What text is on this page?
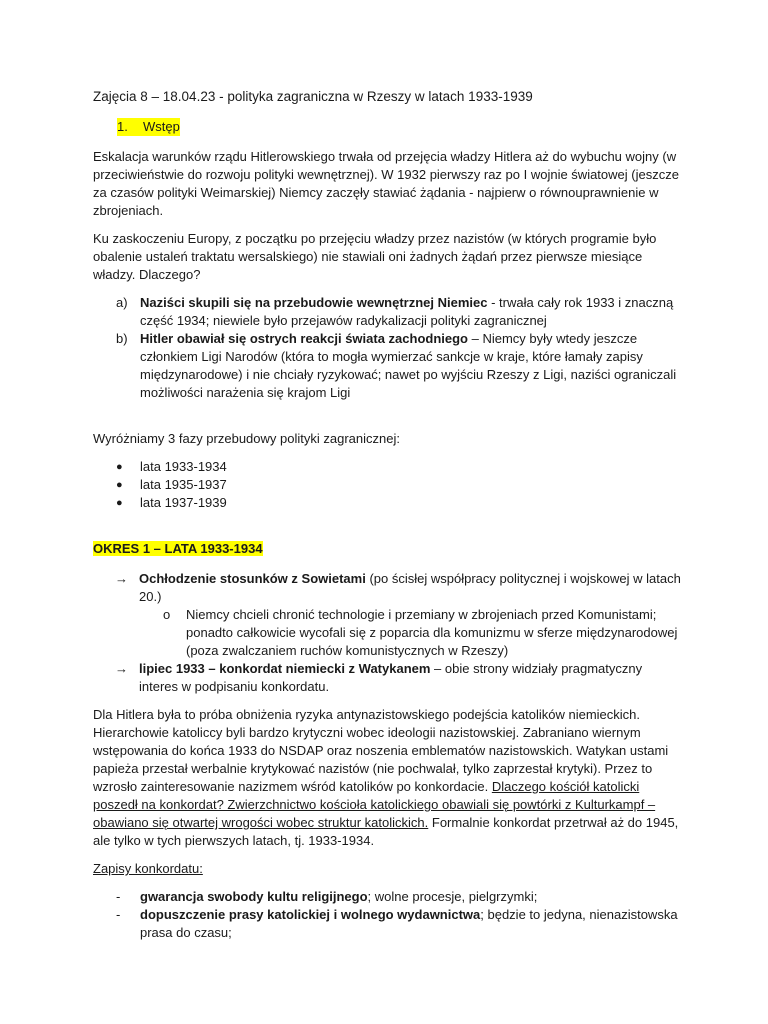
Zajęcia 8 – 18.04.23 - polityka zagraniczna w Rzeszy w latach 1933-1939
1.	Wstęp

Eskalacja warunków rządu Hitlerowskiego trwała od przejęcia władzy Hitlera aż do wybuchu wojny (w przeciwieństwie do rozwoju polityki wewnętrznej). W 1932 pierwszy raz po I wojnie światowej (jeszcze za czasów polityki Weimarskiej) Niemcy zaczęły stawiać żądania - najpierw o równouprawnienie w zbrojeniach.

Ku zaskoczeniu Europy, z początku po przejęciu władzy przez nazistów (w których programie było obalenie ustaleń traktatu wersalskiego) nie stawiali oni żadnych żądań przez pierwsze miesiące władzy. Dlaczego?

a) Naziści skupili się na przebudowie wewnętrznej Niemiec - trwała cały rok 1933 i znaczną część 1934; niewiele było przejawów radykalizacji polityki zagranicznej
b) Hitler obawiał się ostrych reakcji świata zachodniego – Niemcy były wtedy jeszcze członkiem Ligi Narodów (która to mogła wymierzać sankcje w kraje, które łamały zapisy międzynarodowe) i nie chciały ryzykować; nawet po wyjściu Rzeszy z Ligi, naziści ograniczali możliwości narażenia się krajom Ligi

Wyróżniamy 3 fazy przebudowy polityki zagranicznej:

●	lata 1933-1934
●	lata 1935-1937
●	lata 1937-1939
OKRES 1 – LATA 1933-1934
→ Ochłodzenie stosunków z Sowietami (po ścisłej współpracy politycznej i wojskowej w latach 20.)
o	Niemcy chcieli chronić technologie i przemiany w zbrojeniach przed Komunistami; ponadto całkowicie wycofali się z poparcia dla komunizmu w sferze międzynarodowej (poza zwalczaniem ruchów komunistycznych w Rzeszy)
→ lipiec 1933 – konkordat niemiecki z Watykanem – obie strony widziały pragmatyczny interes w podpisaniu konkordatu.

Dla Hitlera była to próba obniżenia ryzyka antynazistowskiego podejścia katolików niemieckich. Hierarchowie katoliccy byli bardzo krytyczni wobec ideologii nazistowskiej. Zabraniano wiernym wstępowania do końca 1933 do NSDAP oraz noszenia emblematów nazistowskich. Watykan ustami papieża przestał werbalnie krytykować nazistów (nie pochwalał, tylko zaprzestał krytyki). Przez to wzrosło zainteresowanie nazizmem wśród katolików po konkordacie. Dlaczego kościół katolicki poszedł na konkordat? Zwierzchnictwo kościoła katolickiego obawiali się powtórki z Kulturkampf – obawiano się otwartej wrogości wobec struktur katolickich. Formalnie konkordat przetrwał aż do 1945, ale tylko w tych pierwszych latach, tj. 1933-1934.

Zapisy konkordatu:

-	gwarancja swobody kultu religijnego; wolne procesje, pielgrzymki;
-	dopuszczenie prasy katolickiej i wolnego wydawnictwa; będzie to jedyna, nienazistowska prasa do czasu;
